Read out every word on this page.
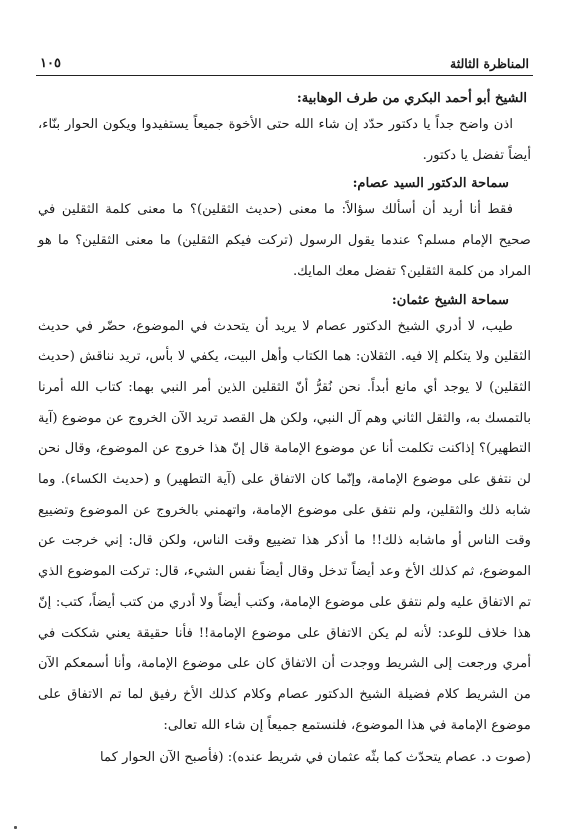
المناظرة الثالثة
١٠٥

الشيخ أبو أحمد البكري من طرف الوهابية:

اذن واضح جداً يا دكتور حدّد إن شاء الله حتى الأخوة جميعاً يستفيدوا ويكون الحوار بنّاء، أيضاً تفضل يا دكتور.

سماحة الدكتور السيد عصام:

فقط أنا أريد أن أسألك سؤالاً: ما معنى (حديث الثقلين)؟ ما معنى كلمة الثقلين في صحيح الإمام مسلم؟ عندما يقول الرسول (تركت فيكم الثقلين) ما معنى الثقلين؟ ما هو المراد من كلمة الثقلين؟ تفضل معك المايك.

سماحة الشيخ عثمان:

طيب، لا أدري الشيخ الدكتور عصام لا يريد أن يتحدث في الموضوع، حضّر في حديث الثقلين ولا يتكلم إلا فيه. الثقلان: هما الكتاب وأهل البيت، يكفي لا بأس، تريد نناقش (حديث الثقلين) لا يوجد أي مانع أبداً. نحن نُقرُّ أنّ الثقلين الذين أمر النبي بهما: كتاب الله أمرنا بالتمسك به، والثقل الثاني وهم آل النبي، ولكن هل القصد تريد الآن الخروج عن موضوع (آية التطهير)؟ إذاكنت تكلمت أنا عن موضوع الإمامة قال إنّ هذا خروج عن الموضوع، وقال نحن لن نتفق على موضوع الإمامة، وإنّما كان الاتفاق على (آية التطهير) و (حديث الكساء). وما شابه ذلك والثقلين، ولم نتفق على موضوع الإمامة، واتهمني بالخروج عن الموضوع وتضييع وقت الناس أو ماشابه ذلك!! ما أذكر هذا تضييع وقت الناس، ولكن قال: إني خرجت عن الموضوع، ثم كذلك الأخ وعد أيضاً تدخل وقال أيضاً نفس الشيء، قال: تركت الموضوع الذي تم الاتفاق عليه ولم نتفق على موضوع الإمامة، وكتب أيضاً ولا أدري من كتب أيضاً، كتب: إنّ هذا خلاف للوعد: لأنه لم يكن الاتفاق على موضوع الإمامة!! فأنا حقيقة يعني شككت في أمري ورجعت إلى الشريط ووجدت أن الاتفاق كان على موضوع الإمامة، وأنا أسمعكم الآن من الشريط كلام فضيلة الشيخ الدكتور عصام وكلام كذلك الأخ رفيق لما تم الاتفاق على موضوع الإمامة في هذا الموضوع، فلنستمع جميعاً إن شاء الله تعالى:

(صوت د. عصام يتحدّث كما بثّه عثمان في شريط عنده): (فأصبح الآن الحوار كما
